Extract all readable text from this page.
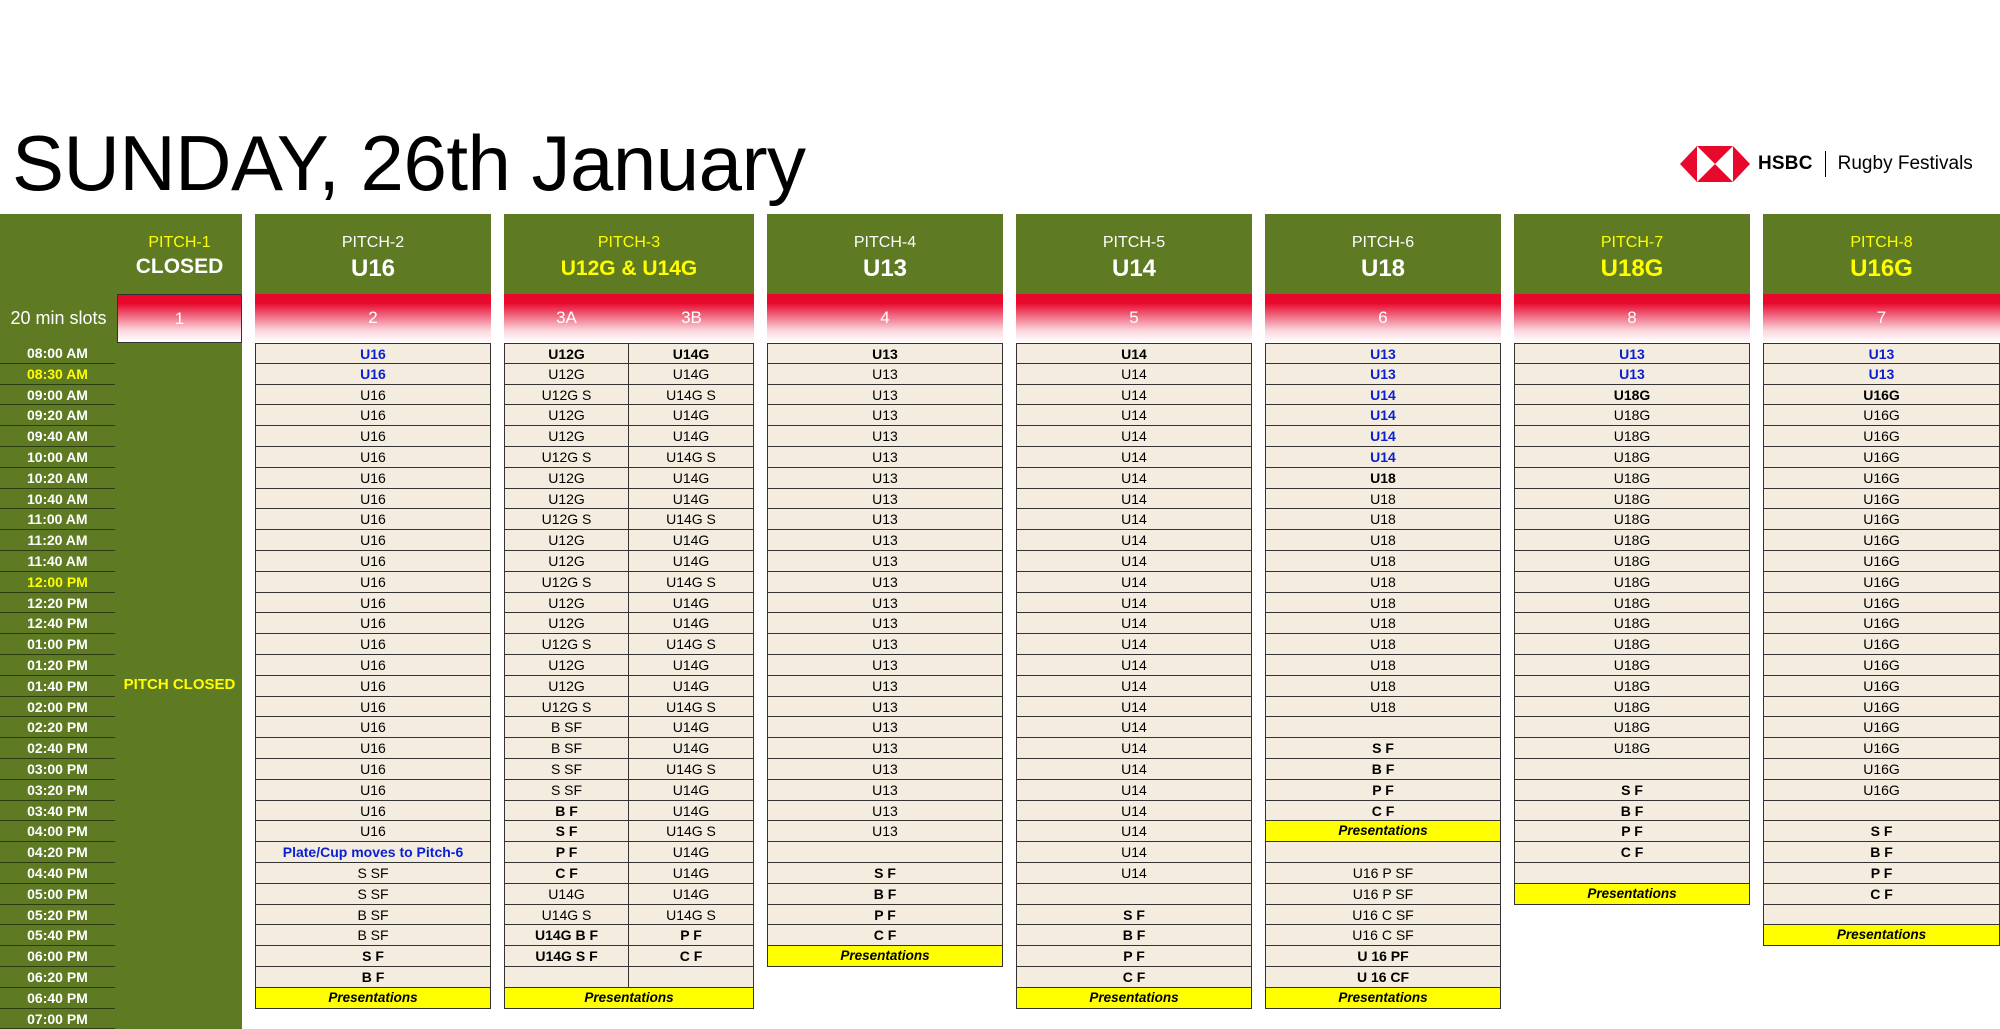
SUNDAY, 26th January	HSBC Rugby Festivals
08:00 AM
08:30 AM
09:00 AM
09:20 AM
09:40 AM
10:00 AM
10:20 AM
10:40 AM
11:00 AM
11:20 AM
11:40 AM
12:00 PM
12:20 PM
12:40 PM
01:00 PM
01:20 PM
01:40 PM
02:00 PM
02:20 PM
02:40 PM
03:00 PM
03:20 PM
03:40 PM
04:00 PM
04:20 PM
04:40 PM
05:00 PM
05:20 PM
05:40 PM
06:00 PM
06:20 PM
06:40 PM
07:00 PM
20 min slots
PITCH-1
CLOSED
1
PITCH CLOSED
PITCH-2
U16
2
U16
U16
U16
U16
U16
U16
U16
U16
U16
U16
U16
U16
U16
U16
U16
U16
U16
U16
U16
U16
U16
U16
U16
U16
Plate/Cup moves to Pitch-6
S SF
S SF
B SF
B SF
S F
B F
Presentations
PITCH-3
U12G & U14G
3A	3B
U12G
U12G
U12G S
U12G
U12G
U12G S
U12G
U12G
U12G S
U12G
U12G
U12G S
U12G
U12G
U12G S
U12G
U12G
U12G S
B SF
B SF
S SF
S SF
B F
S F
P F
C F
U14G
U14G S
U14G B F
U14G S F
U14G
U14G
U14G S
U14G
U14G
U14G S
U14G
U14G
U14G S
U14G
U14G
U14G S
U14G
U14G
U14G S
U14G
U14G
U14G S
U14G
U14G
U14G S
U14G
U14G
U14G S
U14G
U14G
U14G
U14G S
P F
C F
Presentations
PITCH-4
U13
4
U13
U13
U13
U13
U13
U13
U13
U13
U13
U13
U13
U13
U13
U13
U13
U13
U13
U13
U13
U13
U13
U13
U13
U13
S F
B F
P F
C F
Presentations
PITCH-5
U14
5
U14
U14
U14
U14
U14
U14
U14
U14
U14
U14
U14
U14
U14
U14
U14
U14
U14
U14
U14
U14
U14
U14
U14
U14
U14
U14
S F
B F
P F
C F
Presentations
PITCH-6
U18
6
U13
U13
U14
U14
U14
U14
U18
U18
U18
U18
U18
U18
U18
U18
U18
U18
U18
U18
S F
B F
P F
C F
Presentations
U16 P SF
U16 P SF
U16 C SF
U16 C SF
U 16 PF
U 16 CF
Presentations
PITCH-7
U18G
8
U13
U13
U18G
U18G
U18G
U18G
U18G
U18G
U18G
U18G
U18G
U18G
U18G
U18G
U18G
U18G
U18G
U18G
U18G
U18G
S F
B F
P F
C F
Presentations
PITCH-8
U16G
7
U13
U13
U16G
U16G
U16G
U16G
U16G
U16G
U16G
U16G
U16G
U16G
U16G
U16G
U16G
U16G
U16G
U16G
U16G
U16G
U16G
U16G
S F
B F
P F
C F
Presentations
